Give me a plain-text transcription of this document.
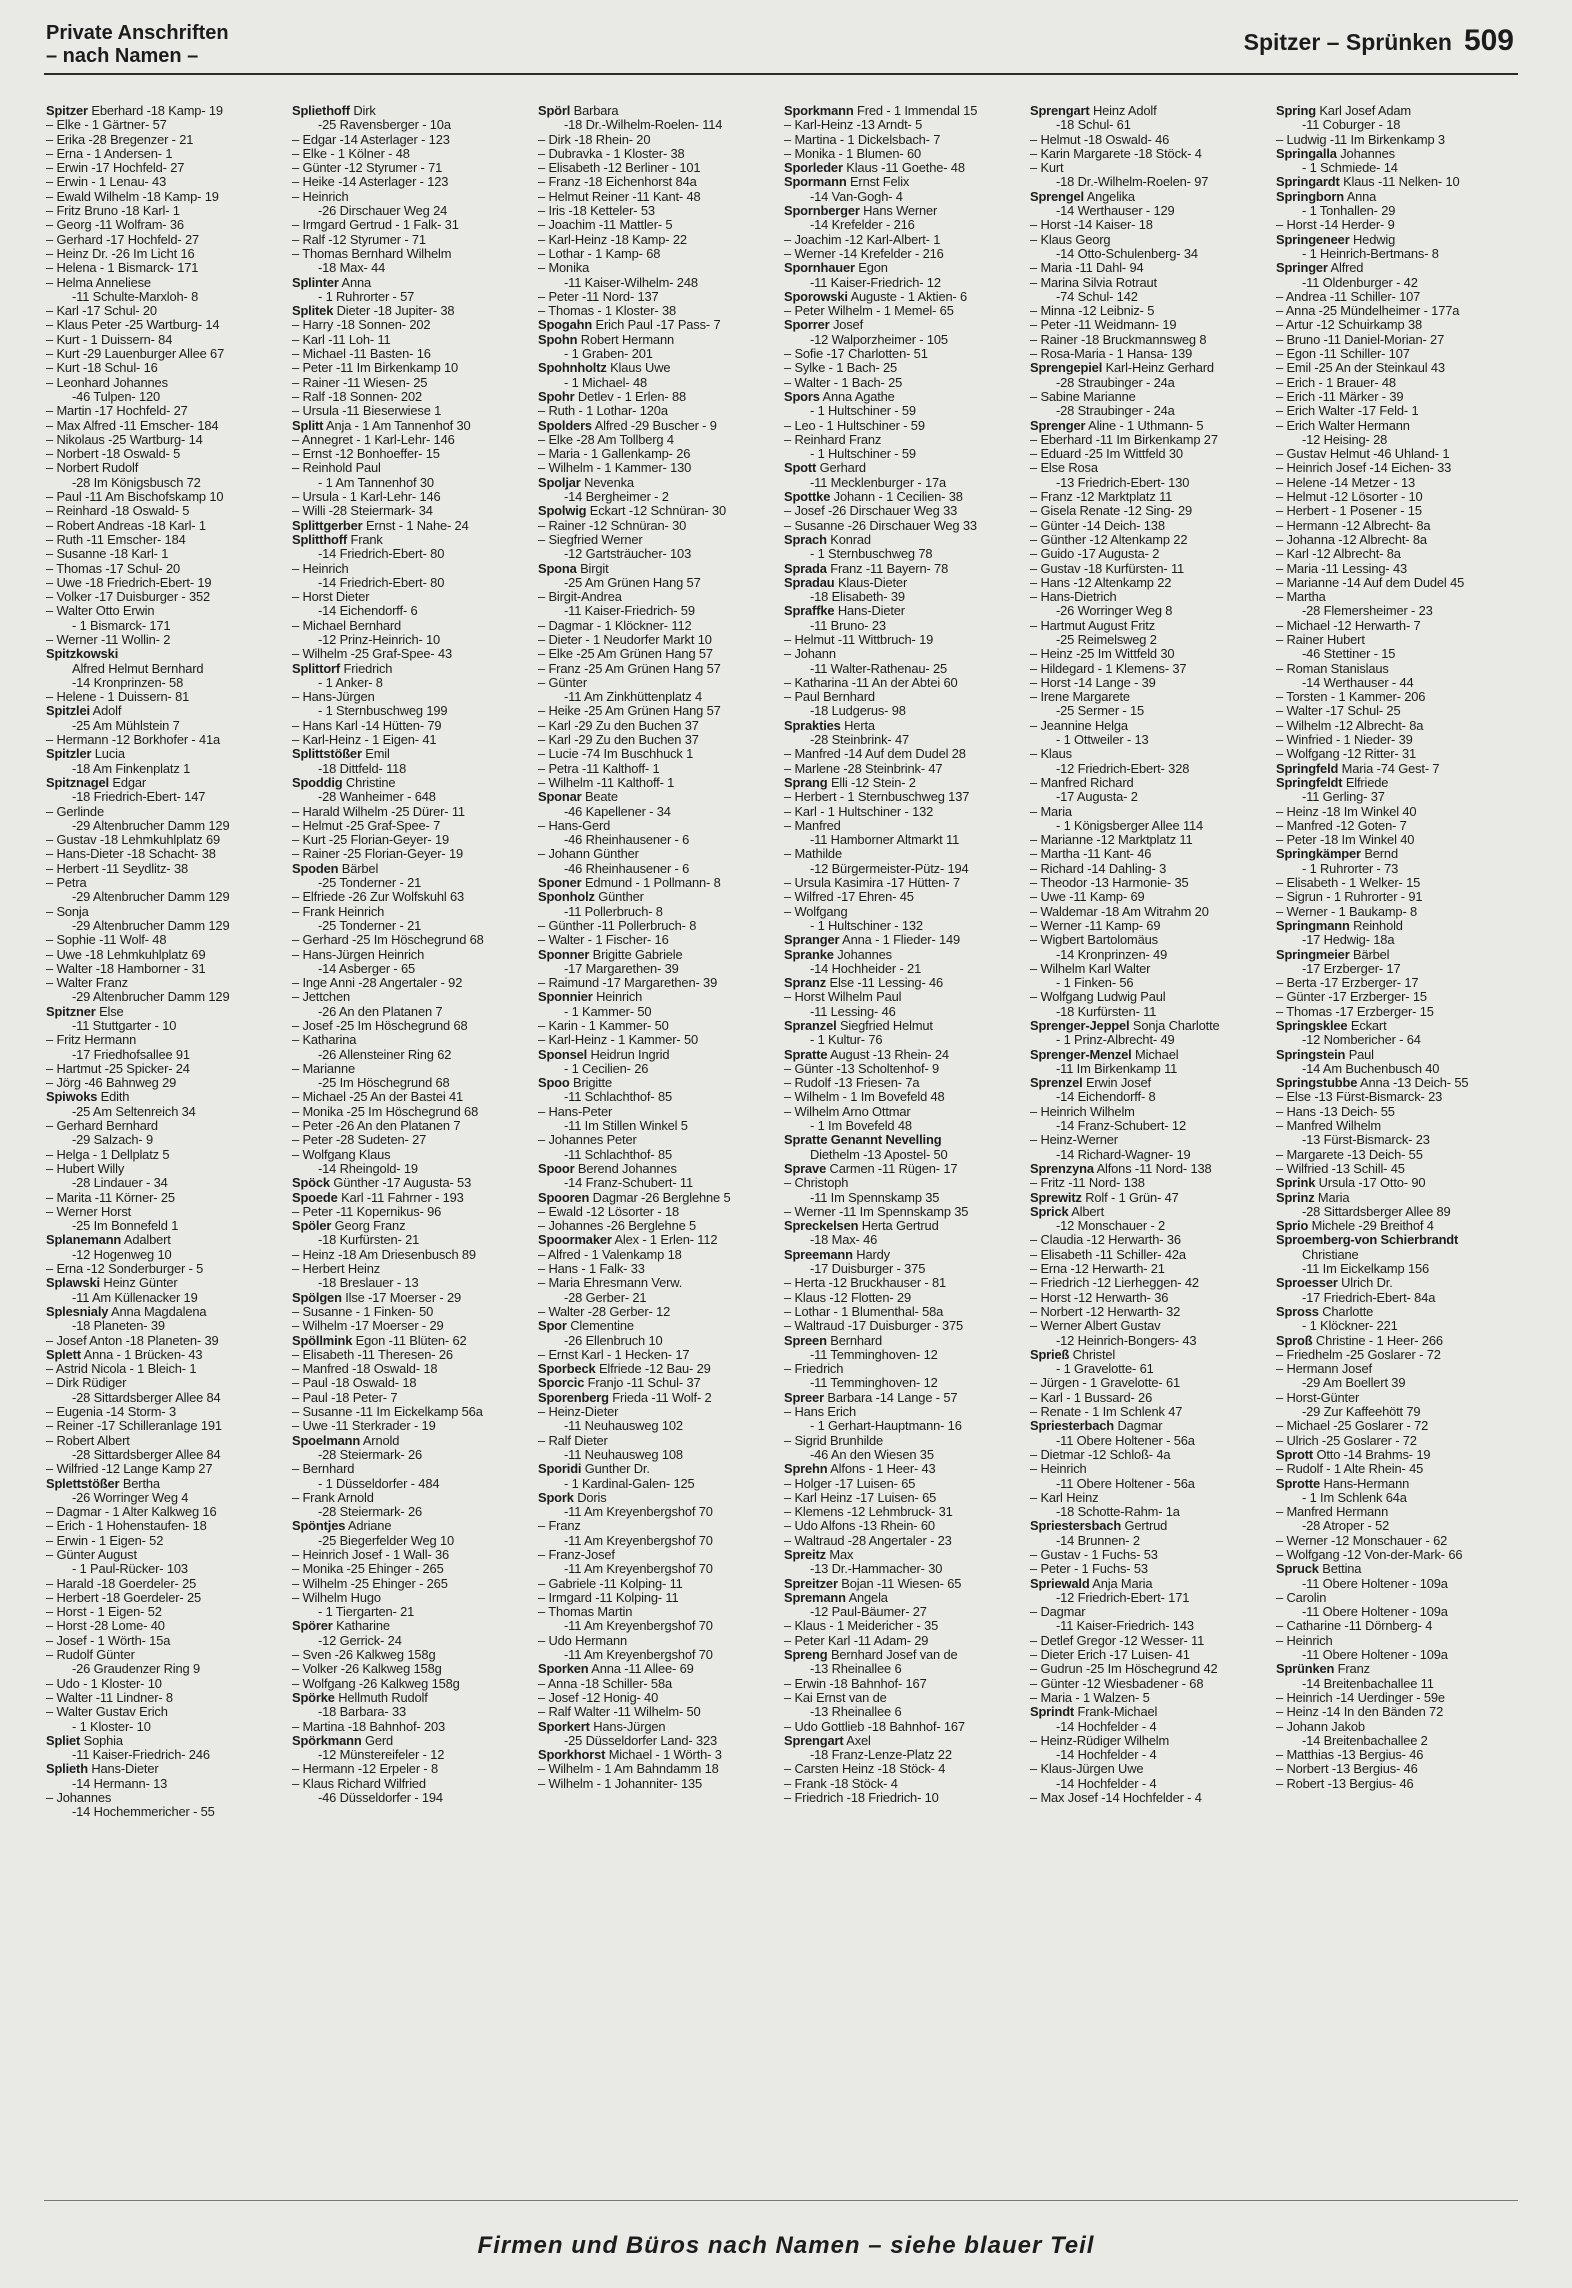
Private Anschriften
– nach Namen –
Spitzer – Sprünken 509
Spitzer Eberhard -18 Kamp- 19
– Elke - 1 Gärtner- 57
– Erika -28 Bregenzer - 21
– Erna - 1 Andersen- 1
– Erwin -17 Hochfeld- 27
– Erwin - 1 Lenau- 43
– Ewald Wilhelm -18 Kamp- 19
– Fritz Bruno -18 Karl- 1
– Georg -11 Wolfram- 36
– Gerhard -17 Hochfeld- 27
– Heinz Dr. -26 Im Licht 16
– Helena - 1 Bismarck- 171
– Helma Anneliese
-11 Schulte-Marxloh- 8
– Karl -17 Schul- 20
– Klaus Peter -25 Wartburg- 14
– Kurt - 1 Duissern- 84
– Kurt -29 Lauenburger Allee 67
– Kurt -18 Schul- 16
– Leonhard Johannes
-46 Tulpen- 120
– Martin -17 Hochfeld- 27
– Max Alfred -11 Emscher- 184
– Nikolaus -25 Wartburg- 14
– Norbert -18 Oswald- 5
– Norbert Rudolf
-28 Im Königsbusch 72
– Paul -11 Am Bischofskamp 10
– Reinhard -18 Oswald- 5
– Robert Andreas -18 Karl- 1
– Ruth -11 Emscher- 184
– Susanne -18 Karl- 1
– Thomas -17 Schul- 20
– Uwe -18 Friedrich-Ebert- 19
– Volker -17 Duisburger - 352
– Walter Otto Erwin
- 1 Bismarck- 171
– Werner -11 Wollin- 2
Spitzkowski
Alfred Helmut Bernhard
-14 Kronprinzen- 58
– Helene - 1 Duissern- 81
Spitzlei Adolf
-25 Am Mühlstein 7
– Hermann -12 Borkhofer - 41a
Spitzler Lucia
-18 Am Finkenplatz 1
Spitznagel Edgar
-18 Friedrich-Ebert- 147
– Gerlinde
-29 Altenbrucher Damm 129
– Gustav -18 Lehmkuhlplatz 69
– Hans-Dieter -18 Schacht- 38
– Herbert -11 Seydlitz- 38
– Petra
-29 Altenbrucher Damm 129
– Sonja
-29 Altenbrucher Damm 129
– Sophie -11 Wolf- 48
– Uwe -18 Lehmkuhlplatz 69
– Walter -18 Hamborner - 31
– Walter Franz
-29 Altenbrucher Damm 129
Spitzner Else
-11 Stuttgarter - 10
– Fritz Hermann
-17 Friedhofsallee 91
– Hartmut -25 Spicker- 24
– Jörg -46 Bahnweg 29
Spiwoks Edith
-25 Am Seltenreich 34
– Gerhard Bernhard
-29 Salzach- 9
– Helga - 1 Dellplatz 5
– Hubert Willy
-28 Lindauer - 34
– Marita -11 Körner- 25
– Werner Horst
-25 Im Bonnefeld 1
Splanemann Adalbert
-12 Hogenweg 10
– Erna -12 Sonderburger - 5
Splawski Heinz Günter
-11 Am Küllenacker 19
Splesnialy Anna Magdalena
-18 Planeten- 39
– Josef Anton -18 Planeten- 39
Splett Anna - 1 Brücken- 43
– Astrid Nicola - 1 Bleich- 1
– Dirk Rüdiger
-28 Sittardsberger Allee 84
– Eugenia -14 Storm- 3
– Reiner -17 Schilleranlage 191
– Robert Albert
-28 Sittardsberger Allee 84
– Wilfried -12 Lange Kamp 27
Splettstößer Bertha
-26 Worringer Weg 4
– Dagmar - 1 Alter Kalkweg 16
– Erich - 1 Hohenstaufen- 18
– Erwin - 1 Eigen- 52
– Günter August
- 1 Paul-Rücker- 103
– Harald -18 Goerdeler- 25
– Herbert -18 Goerdeler- 25
– Horst - 1 Eigen- 52
– Horst -28 Lome- 40
– Josef - 1 Wörth- 15a
– Rudolf Günter
-26 Graudenzer Ring 9
– Udo - 1 Kloster- 10
– Walter -11 Lindner- 8
– Walter Gustav Erich
- 1 Kloster- 10
Spliet Sophia
-11 Kaiser-Friedrich- 246
Splieth Hans-Dieter
-14 Hermann- 13
– Johannes
-14 Hochemmericher - 55
Spliethoff Dirk
-25 Ravensberger - 10a
– Edgar -14 Asterlager - 123
– Elke - 1 Kölner - 48
– Günter -12 Styrumer - 71
– Heike -14 Asterlager - 123
– Heinrich
-26 Dirschauer Weg 24
– Irmgard Gertrud - 1 Falk- 31
– Ralf -12 Styrumer - 71
– Thomas Bernhard Wilhelm
-18 Max- 44
Splinter Anna
- 1 Ruhrorter - 57
Splitek Dieter -18 Jupiter- 38
– Harry -18 Sonnen- 202
– Karl -11 Loh- 11
– Michael -11 Basten- 16
– Peter -11 Im Birkenkamp 10
– Rainer -11 Wiesen- 25
– Ralf -18 Sonnen- 202
– Ursula -11 Bieserwiese 1
Splitt Anja - 1 Am Tannenhof 30
– Annegret - 1 Karl-Lehr- 146
– Ernst -12 Bonhoeffer- 15
– Reinhold Paul
- 1 Am Tannenhof 30
– Ursula - 1 Karl-Lehr- 146
– Willi -28 Steiermark- 34
Splittgerber Ernst - 1 Nahe- 24
Splitthoff Frank
-14 Friedrich-Ebert- 80
– Heinrich
-14 Friedrich-Ebert- 80
– Horst Dieter
-14 Eichendorff- 6
– Michael Bernhard
-12 Prinz-Heinrich- 10
– Wilhelm -25 Graf-Spee- 43
Splittorf Friedrich
- 1 Anker- 8
– Hans-Jürgen
- 1 Sternbuschweg 199
– Hans Karl -14 Hütten- 79
– Karl-Heinz - 1 Eigen- 41
Splittstößer Emil
-18 Dittfeld- 118
Spoddig Christine
-28 Wanheimer - 648
– Harald Wilhelm -25 Dürer- 11
– Helmut -25 Graf-Spee- 7
– Kurt -25 Florian-Geyer- 19
– Rainer -25 Florian-Geyer- 19
Spoden Bärbel
-25 Tonderner - 21
– Elfriede -26 Zur Wolfskuhl 63
– Frank Heinrich
-25 Tonderner - 21
– Gerhard -25 Im Höschegrund 68
– Hans-Jürgen Heinrich
-14 Asberger - 65
– Inge Anni -28 Angertaler - 92
– Jettchen
-26 An den Platanen 7
– Josef -25 Im Höschegrund 68
– Katharina
-26 Allensteiner Ring 62
– Marianne
-25 Im Höschegrund 68
– Michael -25 An der Bastei 41
– Monika -25 Im Höschegrund 68
– Peter -26 An den Platanen 7
– Peter -28 Sudeten- 27
– Wolfgang Klaus
-14 Rheingold- 19
Spöck Günther -17 Augusta- 53
Spoede Karl -11 Fahrner - 193
– Peter -11 Kopernikus- 96
Spöler Georg Franz
-18 Kurfürsten- 21
– Heinz -18 Am Driesenbusch 89
– Herbert Heinz
-18 Breslauer - 13
Spölgen Ilse -17 Moerser - 29
– Susanne - 1 Finken- 50
– Wilhelm -17 Moerser - 29
Spöllmink Egon -11 Blüten- 62
– Elisabeth -11 Theresen- 26
– Manfred -18 Oswald- 18
– Paul -18 Oswald- 18
– Paul -18 Peter- 7
– Susanne -11 Im Eickelkamp 56a
– Uwe -11 Sterkrader - 19
Spoelmann Arnold
-28 Steiermark- 26
– Bernhard
- 1 Düsseldorfer - 484
– Frank Arnold
-28 Steiermark- 26
Spöntjes Adriane
-25 Biegerfelder Weg 10
– Heinrich Josef - 1 Wall- 36
– Monika -25 Ehinger - 265
– Wilhelm -25 Ehinger - 265
– Wilhelm Hugo
- 1 Tiergarten- 21
Spörer Katharine
-12 Gerrick- 24
– Sven -26 Kalkweg 158g
– Volker -26 Kalkweg 158g
– Wolfgang -26 Kalkweg 158g
Spörke Hellmuth Rudolf
-18 Barbara- 33
– Martina -18 Bahnhof- 203
Spörkmann Gerd
-12 Münstereifeler - 12
– Hermann -12 Erpeler - 8
– Klaus Richard Wilfried
-46 Düsseldorfer - 194
Spörl Barbara
-18 Dr.-Wilhelm-Roelen- 114
– Dirk -18 Rhein- 20
– Dubravka - 1 Kloster- 38
– Elisabeth -12 Berliner - 101
– Franz -18 Eichenhorst 84a
– Helmut Reiner -11 Kant- 48
– Iris -18 Ketteler- 53
– Joachim -11 Mattler- 5
– Karl-Heinz -18 Kamp- 22
– Lothar - 1 Kamp- 68
– Monika
-11 Kaiser-Wilhelm- 248
– Peter -11 Nord- 137
– Thomas - 1 Kloster- 38
Spogahn Erich Paul -17 Pass- 7
Spohn Robert Hermann
- 1 Graben- 201
Spohnholtz Klaus Uwe
- 1 Michael- 48
Spohr Detlev - 1 Erlen- 88
– Ruth - 1 Lothar- 120a
Spolders Alfred -29 Buscher - 9
– Elke -28 Am Tollberg 4
– Maria - 1 Gallenkamp- 26
– Wilhelm - 1 Kammer- 130
Spoljar Nevenka
-14 Bergheimer - 2
Spolwig Eckart -12 Schnüran- 30
– Rainer -12 Schnüran- 30
– Siegfried Werner
-12 Gartsträucher- 103
Spona Birgit
-25 Am Grünen Hang 57
– Birgit-Andrea
-11 Kaiser-Friedrich- 59
– Dagmar - 1 Klöckner- 112
– Dieter - 1 Neudorfer Markt 10
– Elke -25 Am Grünen Hang 57
– Franz -25 Am Grünen Hang 57
– Günter
-11 Am Zinkhüttenplatz 4
– Heike -25 Am Grünen Hang 57
– Karl -29 Zu den Buchen 37
– Karl -29 Zu den Buchen 37
– Lucie -74 Im Buschhuck 1
– Petra -11 Kalthoff- 1
– Wilhelm -11 Kalthoff- 1
Sponar Beate
-46 Kapellener - 34
– Hans-Gerd
-46 Rheinhausener - 6
– Johann Günther
-46 Rheinhausener - 6
Sponer Edmund - 1 Pollmann- 8
Sponholz Günther
-11 Pollerbruch- 8
– Günther -11 Pollerbruch- 8
– Walter - 1 Fischer- 16
Sponner Brigitte Gabriele
-17 Margarethen- 39
– Raimund -17 Margarethen- 39
Sponnier Heinrich
- 1 Kammer- 50
– Karin - 1 Kammer- 50
– Karl-Heinz - 1 Kammer- 50
Sponsel Heidrun Ingrid
- 1 Cecilien- 26
Spoo Brigitte
-11 Schlachthof- 85
– Hans-Peter
-11 Im Stillen Winkel 5
– Johannes Peter
-11 Schlachthof- 85
Spoor Berend Johannes
-14 Franz-Schubert- 11
Spooren Dagmar -26 Berglehne 5
– Ewald -12 Lösorter - 18
– Johannes -26 Berglehne 5
Spoormaker Alex - 1 Erlen- 112
– Alfred - 1 Valenkamp 18
– Hans - 1 Falk- 33
– Maria Ehresmann Verw.
-28 Gerber- 21
– Walter -28 Gerber- 12
Spor Clementine
-26 Ellenbruch 10
– Ernst Karl - 1 Hecken- 17
Sporbeck Elfriede -12 Bau- 29
Sporcic Franjo -11 Schul- 37
Sporenberg Frieda -11 Wolf- 2
– Heinz-Dieter
-11 Neuhausweg 102
– Ralf Dieter
-11 Neuhausweg 108
Sporidi Gunther Dr.
- 1 Kardinal-Galen- 125
Spork Doris
-11 Am Kreyenbergshof 70
– Franz
-11 Am Kreyenbergshof 70
– Franz-Josef
-11 Am Kreyenbergshof 70
– Gabriele -11 Kolping- 11
– Irmgard -11 Kolping- 11
– Thomas Martin
-11 Am Kreyenbergshof 70
– Udo Hermann
-11 Am Kreyenbergshof 70
Sporken Anna -11 Allee- 69
– Anna -18 Schiller- 58a
– Josef -12 Honig- 40
– Ralf Walter -11 Wilhelm- 50
Sporkert Hans-Jürgen
-25 Düsseldorfer Land- 323
Sporkhorst Michael - 1 Wörth- 3
– Wilhelm - 1 Am Bahndamm 18
– Wilhelm - 1 Johanniter- 135
Sporkmann Fred - 1 Immendal 15
– Karl-Heinz -13 Arndt- 5
– Martina - 1 Dickelsbach- 7
– Monika - 1 Blumen- 60
Sporleder Klaus -11 Goethe- 48
Spormann Ernst Felix
-14 Van-Gogh- 4
Spornberger Hans Werner
-14 Krefelder - 216
– Joachim -12 Karl-Albert- 1
– Werner -14 Krefelder - 216
Spornhauer Egon
-11 Kaiser-Friedrich- 12
Sporowski Auguste - 1 Aktien- 6
– Peter Wilhelm - 1 Memel- 65
Sporrer Josef
-12 Walporzheimer - 105
– Sofie -17 Charlotten- 51
– Sylke - 1 Bach- 25
– Walter - 1 Bach- 25
Spors Anna Agathe
- 1 Hultschiner - 59
– Leo - 1 Hultschiner - 59
– Reinhard Franz
- 1 Hultschiner - 59
Spott Gerhard
-11 Mecklenburger - 17a
Spottke Johann - 1 Cecilien- 38
– Josef -26 Dirschauer Weg 33
– Susanne -26 Dirschauer Weg 33
Sprach Konrad
- 1 Sternbuschweg 78
Sprada Franz -11 Bayern- 78
Spradau Klaus-Dieter
-18 Elisabeth- 39
Spraffke Hans-Dieter
-11 Bruno- 23
– Helmut -11 Wittbruch- 19
– Johann
-11 Walter-Rathenau- 25
– Katharina -11 An der Abtei 60
– Paul Bernhard
-18 Ludgerus- 98
Sprakties Herta
-28 Steinbrink- 47
– Manfred -14 Auf dem Dudel 28
– Marlene -28 Steinbrink- 47
Sprang Elli -12 Stein- 2
– Herbert - 1 Sternbuschweg 137
– Karl - 1 Hultschiner - 132
– Manfred
-11 Hamborner Altmarkt 11
– Mathilde
-12 Bürgermeister-Pütz- 194
– Ursula Kasimira -17 Hütten- 7
– Wilfred -17 Ehren- 45
– Wolfgang
- 1 Hultschiner - 132
Spranger Anna - 1 Flieder- 149
Spranke Johannes
-14 Hochheider - 21
Spranz Else -11 Lessing- 46
– Horst Wilhelm Paul
-11 Lessing- 46
Spranzel Siegfried Helmut
- 1 Kultur- 76
Spratte August -13 Rhein- 24
– Günter -13 Scholtenhof- 9
– Rudolf -13 Friesen- 7a
– Wilhelm - 1 Im Bovefeld 48
– Wilhelm Arno Ottmar
- 1 Im Bovefeld 48
Spratte Genannt Nevelling
Diethelm -13 Apostel- 50
Sprave Carmen -11 Rügen- 17
– Christoph
-11 Im Spennskamp 35
– Werner -11 Im Spennskamp 35
Spreckelsen Herta Gertrud
-18 Max- 46
Spreemann Hardy
-17 Duisburger - 375
– Herta -12 Bruckhauser - 81
– Klaus -12 Flotten- 29
– Lothar - 1 Blumenthal- 58a
– Waltraud -17 Duisburger - 375
Spreen Bernhard
-11 Temminghoven- 12
– Friedrich
-11 Temminghoven- 12
Spreer Barbara -14 Lange - 57
– Hans Erich
- 1 Gerhart-Hauptmann- 16
– Sigrid Brunhilde
-46 An den Wiesen 35
Sprehn Alfons - 1 Heer- 43
– Holger -17 Luisen- 65
– Karl Heinz -17 Luisen- 65
– Klemens -12 Lehmbruck- 31
– Udo Alfons -13 Rhein- 60
– Waltraud -28 Angertaler - 23
Spreitz Max
-13 Dr.-Hammacher- 30
Spreitzer Bojan -11 Wiesen- 65
Spremann Angela
-12 Paul-Bäumer- 27
– Klaus - 1 Meidericher - 35
– Peter Karl -11 Adam- 29
Spreng Bernhard Josef van de
-13 Rheinallee 6
– Erwin -18 Bahnhof- 167
– Kai Ernst van de
-13 Rheinallee 6
– Udo Gottlieb -18 Bahnhof- 167
Sprengart Axel
-18 Franz-Lenze-Platz 22
– Carsten Heinz -18 Stöck- 4
– Frank -18 Stöck- 4
– Friedrich -18 Friedrich- 10
Sprengart Heinz Adolf
-18 Schul- 61
– Helmut -18 Oswald- 46
– Karin Margarete -18 Stöck- 4
– Kurt
-18 Dr.-Wilhelm-Roelen- 97
Sprengel Angelika
-14 Werthauser - 129
– Horst -14 Kaiser- 18
– Klaus Georg
-14 Otto-Schulenberg- 34
– Maria -11 Dahl- 94
– Marina Silvia Rotraut
-74 Schul- 142
– Minna -12 Leibniz- 5
– Peter -11 Weidmann- 19
– Rainer -18 Bruckmannsweg 8
– Rosa-Maria - 1 Hansa- 139
Sprengepiel Karl-Heinz Gerhard
-28 Straubinger - 24a
– Sabine Marianne
-28 Straubinger - 24a
Sprenger Aline - 1 Uthmann- 5
– Eberhard -11 Im Birkenkamp 27
– Eduard -25 Im Wittfeld 30
– Else Rosa
-13 Friedrich-Ebert- 130
– Franz -12 Marktplatz 11
– Gisela Renate -12 Sing- 29
– Günter -14 Deich- 138
– Günther -12 Altenkamp 22
– Guido -17 Augusta- 2
– Gustav -18 Kurfürsten- 11
– Hans -12 Altenkamp 22
– Hans-Dietrich
-26 Worringer Weg 8
– Hartmut August Fritz
-25 Reimelsweg 2
– Heinz -25 Im Wittfeld 30
– Hildegard - 1 Klemens- 37
– Horst -14 Lange - 39
– Irene Margarete
-25 Sermer - 15
– Jeannine Helga
- 1 Ottweiler - 13
– Klaus
-12 Friedrich-Ebert- 328
– Manfred Richard
-17 Augusta- 2
– Maria
- 1 Königsberger Allee 114
– Marianne -12 Marktplatz 11
– Martha -11 Kant- 46
– Richard -14 Dahling- 3
– Theodor -13 Harmonie- 35
– Uwe -11 Kamp- 69
– Waldemar -18 Am Witrahm 20
– Werner -11 Kamp- 69
– Wigbert Bartolomäus
-14 Kronprinzen- 49
– Wilhelm Karl Walter
- 1 Finken- 56
– Wolfgang Ludwig Paul
-18 Kurfürsten- 11
Sprenger-Jeppel Sonja Charlotte
- 1 Prinz-Albrecht- 49
Sprenger-Menzel Michael
-11 Im Birkenkamp 11
Sprenzel Erwin Josef
-14 Eichendorff- 8
– Heinrich Wilhelm
-14 Franz-Schubert- 12
– Heinz-Werner
-14 Richard-Wagner- 19
Sprenzyna Alfons -11 Nord- 138
– Fritz -11 Nord- 138
Sprewitz Rolf - 1 Grün- 47
Sprick Albert
-12 Monschauer - 2
– Claudia -12 Herwarth- 36
– Elisabeth -11 Schiller- 42a
– Erna -12 Herwarth- 21
– Friedrich -12 Lierheggen- 42
– Horst -12 Herwarth- 36
– Norbert -12 Herwarth- 32
– Werner Albert Gustav
-12 Heinrich-Bongers- 43
Sprieß Christel
- 1 Gravelotte- 61
– Jürgen - 1 Gravelotte- 61
– Karl - 1 Bussard- 26
– Renate - 1 Im Schlenk 47
Spriesterbach Dagmar
-11 Obere Holtener - 56a
– Dietmar -12 Schloß- 4a
– Heinrich
-11 Obere Holtener - 56a
– Karl Heinz
-18 Schotte-Rahm- 1a
Spriestersbach Gertrud
-14 Brunnen- 2
– Gustav - 1 Fuchs- 53
– Peter - 1 Fuchs- 53
Spriewald Anja Maria
-12 Friedrich-Ebert- 171
– Dagmar
-11 Kaiser-Friedrich- 143
– Detlef Gregor -12 Wesser- 11
– Dieter Erich -17 Luisen- 41
– Gudrun -25 Im Höschegrund 42
– Günter -12 Wiesbadener - 68
– Maria - 1 Walzen- 5
Sprindt Frank-Michael
-14 Hochfelder - 4
– Heinz-Rüdiger Wilhelm
-14 Hochfelder - 4
– Klaus-Jürgen Uwe
-14 Hochfelder - 4
– Max Josef -14 Hochfelder - 4
Spring Karl Josef Adam
-11 Coburger - 18
– Ludwig -11 Im Birkenkamp 3
Springalla Johannes
- 1 Schmiede- 14
Springardt Klaus -11 Nelken- 10
Springborn Anna
- 1 Tonhallen- 29
– Horst -14 Herder- 9
Springeneer Hedwig
- 1 Heinrich-Bertmans- 8
Springer Alfred
-11 Oldenburger - 42
– Andrea -11 Schiller- 107
– Anna -25 Mündelheimer - 177a
– Artur -12 Schuirkamp 38
– Bruno -11 Daniel-Morian- 27
– Egon -11 Schiller- 107
– Emil -25 An der Steinkaul 43
– Erich - 1 Brauer- 48
– Erich -11 Märker - 39
– Erich Walter -17 Feld- 1
– Erich Walter Hermann
-12 Heising- 28
– Gustav Helmut -46 Uhland- 1
– Heinrich Josef -14 Eichen- 33
– Helene -14 Metzer - 13
– Helmut -12 Lösorter - 10
– Herbert - 1 Posener - 15
– Hermann -12 Albrecht- 8a
– Johanna -12 Albrecht- 8a
– Karl -12 Albrecht- 8a
– Maria -11 Lessing- 43
– Marianne -14 Auf dem Dudel 45
– Martha
-28 Flemersheimer - 23
– Michael -12 Herwarth- 7
– Rainer Hubert
-46 Stettiner - 15
– Roman Stanislaus
-14 Werthauser - 44
– Torsten - 1 Kammer- 206
– Walter -17 Schul- 25
– Wilhelm -12 Albrecht- 8a
– Winfried - 1 Nieder- 39
– Wolfgang -12 Ritter- 31
Springfeld Maria -74 Gest- 7
Springfeldt Elfriede
-11 Gerling- 37
– Heinz -18 Im Winkel 40
– Manfred -12 Goten- 7
– Peter -18 Im Winkel 40
Springkämper Bernd
- 1 Ruhrorter - 73
– Elisabeth - 1 Welker- 15
– Sigrun - 1 Ruhrorter - 91
– Werner - 1 Baukamp- 8
Springmann Reinhold
-17 Hedwig- 18a
Springmeier Bärbel
-17 Erzberger- 17
– Berta -17 Erzberger- 17
– Günter -17 Erzberger- 15
– Thomas -17 Erzberger- 15
Springsklee Eckart
-12 Nombericher - 64
Springstein Paul
-14 Am Buchenbusch 40
Springstubbe Anna -13 Deich- 55
– Else -13 Fürst-Bismarck- 23
– Hans -13 Deich- 55
– Manfred Wilhelm
-13 Fürst-Bismarck- 23
– Margarete -13 Deich- 55
– Wilfried -13 Schill- 45
Sprink Ursula -17 Otto- 90
Sprinz Maria
-28 Sittardsberger Allee 89
Sprio Michele -29 Breithof 4
Sproemberg-von Schierbrandt
Christiane
-11 Im Eickelkamp 156
Sproesser Ulrich Dr.
-17 Friedrich-Ebert- 84a
Spross Charlotte
- 1 Klöckner- 221
Sproß Christine - 1 Heer- 266
– Friedhelm -25 Goslarer - 72
– Hermann Josef
-29 Am Boellert 39
– Horst-Günter
-29 Zur Kaffeehött 79
– Michael -25 Goslarer - 72
– Ulrich -25 Goslarer - 72
Sprott Otto -14 Brahms- 19
– Rudolf - 1 Alte Rhein- 45
Sprotte Hans-Hermann
- 1 Im Schlenk 64a
– Manfred Hermann
-28 Atroper - 52
– Werner -12 Monschauer - 62
– Wolfgang -12 Von-der-Mark- 66
Spruck Bettina
-11 Obere Holtener - 109a
– Carolin
-11 Obere Holtener - 109a
– Catharine -11 Dörnberg- 4
– Heinrich
-11 Obere Holtener - 109a
Sprünken Franz
-14 Breitenbachallee 11
– Heinrich -14 Uerdinger - 59e
– Heinz -14 In den Bänden 72
– Johann Jakob
-14 Breitenbachallee 2
– Matthias -13 Bergius- 46
– Norbert -13 Bergius- 46
– Robert -13 Bergius- 46
Firmen und Büros nach Namen – siehe blauer Teil
